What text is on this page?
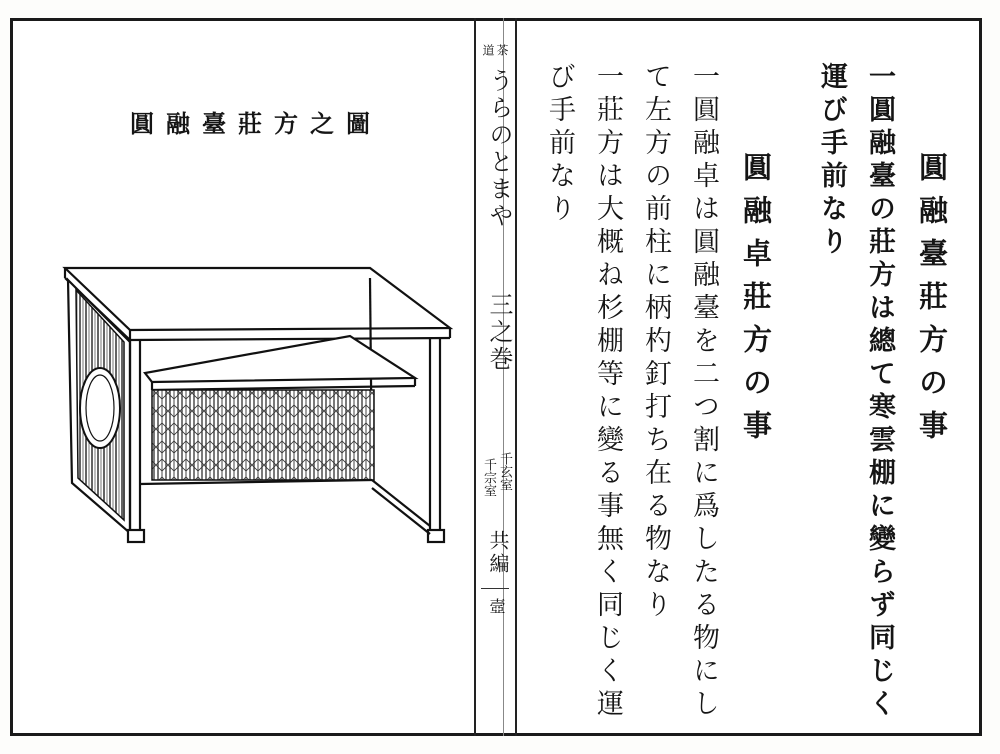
圓融臺莊方之圖
茶
道
うらのとまや
三之巻
千玄室
千宗室
共編
壼
圓融臺莊方の事
一圓融臺の莊方は總て寒雲棚に變らず同じく
運び手前なり
圓融卓莊方の事
一圓融卓は圓融臺を二つ割に爲したる物にし
て左方の前柱に柄杓釘打ち在る物なり
一莊方は大概ね杉棚等に變る事無く同じく運
び手前なり
